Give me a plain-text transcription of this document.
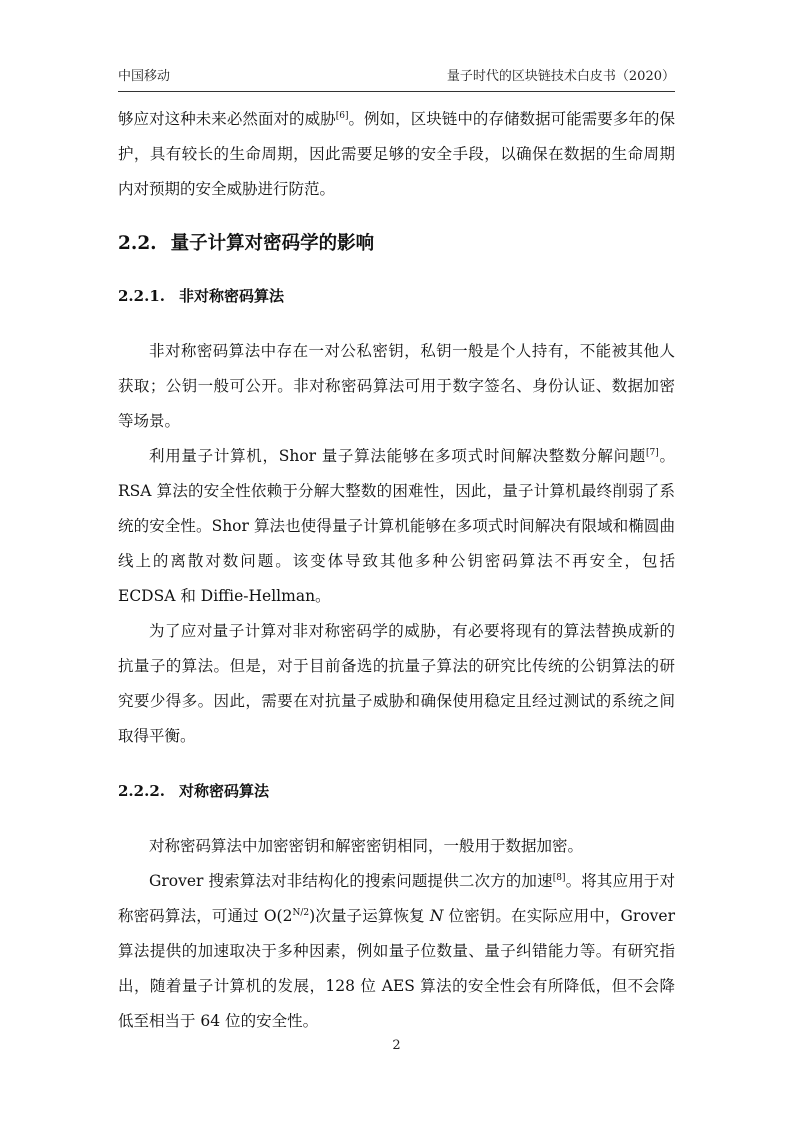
中国移动	量子时代的区块链技术白皮书（2020）

够应对这种未来必然面对的威胁[6]。例如，区块链中的存储数据可能需要多年的保护，具有较长的生命周期，因此需要足够的安全手段，以确保在数据的生命周期内对预期的安全威胁进行防范。

2.2. 量子计算对密码学的影响
2.2.1. 非对称密码算法

非对称密码算法中存在一对公私密钥，私钥一般是个人持有，不能被其他人获取；公钥一般可公开。非对称密码算法可用于数字签名、身份认证、数据加密等场景。

利用量子计算机，Shor 量子算法能够在多项式时间解决整数分解问题[7]。RSA 算法的安全性依赖于分解大整数的困难性，因此，量子计算机最终削弱了系统的安全性。Shor 算法也使得量子计算机能够在多项式时间解决有限域和椭圆曲线上的离散对数问题。该变体导致其他多种公钥密码算法不再安全，包括 ECDSA 和 Diffie-Hellman。

为了应对量子计算对非对称密码学的威胁，有必要将现有的算法替换成新的抗量子的算法。但是，对于目前备选的抗量子算法的研究比传统的公钥算法的研究要少得多。因此，需要在对抗量子威胁和确保使用稳定且经过测试的系统之间取得平衡。

2.2.2. 对称密码算法

对称密码算法中加密密钥和解密密钥相同，一般用于数据加密。

Grover 搜索算法对非结构化的搜索问题提供二次方的加速[8]。将其应用于对称密码算法，可通过 $O(2^{N/2})$次量子运算恢复 N 位密钥。在实际应用中，Grover 算法提供的加速取决于多种因素，例如量子位数量、量子纠错能力等。有研究指出，随着量子计算机的发展，128 位 AES 算法的安全性会有所降低，但不会降低至相当于 64 位的安全性。

2
